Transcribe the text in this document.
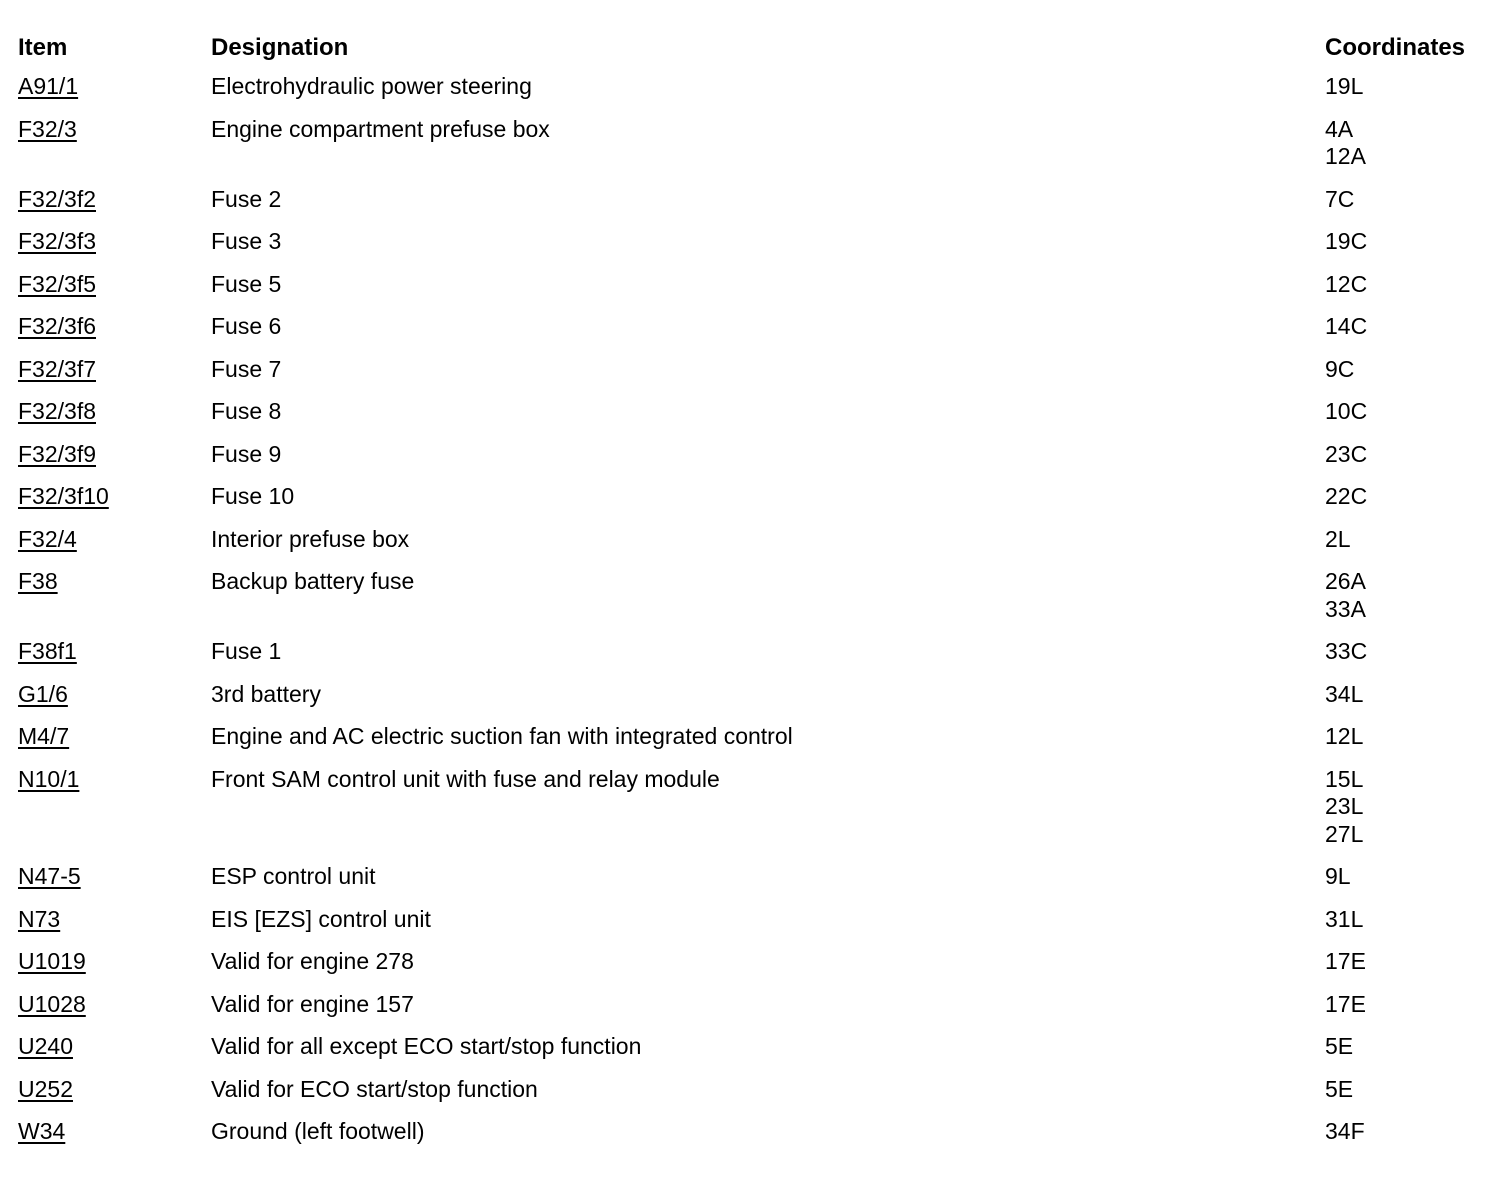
Item	Designation	Coordinates
A91/1	Electrohydraulic power steering	19L
F32/3	Engine compartment prefuse box	4A
12A
F32/3f2	Fuse 2	7C
F32/3f3	Fuse 3	19C
F32/3f5	Fuse 5	12C
F32/3f6	Fuse 6	14C
F32/3f7	Fuse 7	9C
F32/3f8	Fuse 8	10C
F32/3f9	Fuse 9	23C
F32/3f10	Fuse 10	22C
F32/4	Interior prefuse box	2L
F38	Backup battery fuse	26A
33A
F38f1	Fuse 1	33C
G1/6	3rd battery	34L
M4/7	Engine and AC electric suction fan with integrated control	12L
N10/1	Front SAM control unit with fuse and relay module	15L
23L
27L
N47-5	ESP control unit	9L
N73	EIS [EZS] control unit	31L
U1019	Valid for engine 278	17E
U1028	Valid for engine 157	17E
U240	Valid for all except ECO start/stop function	5E
U252	Valid for ECO start/stop function	5E
W34	Ground (left footwell)	34F
